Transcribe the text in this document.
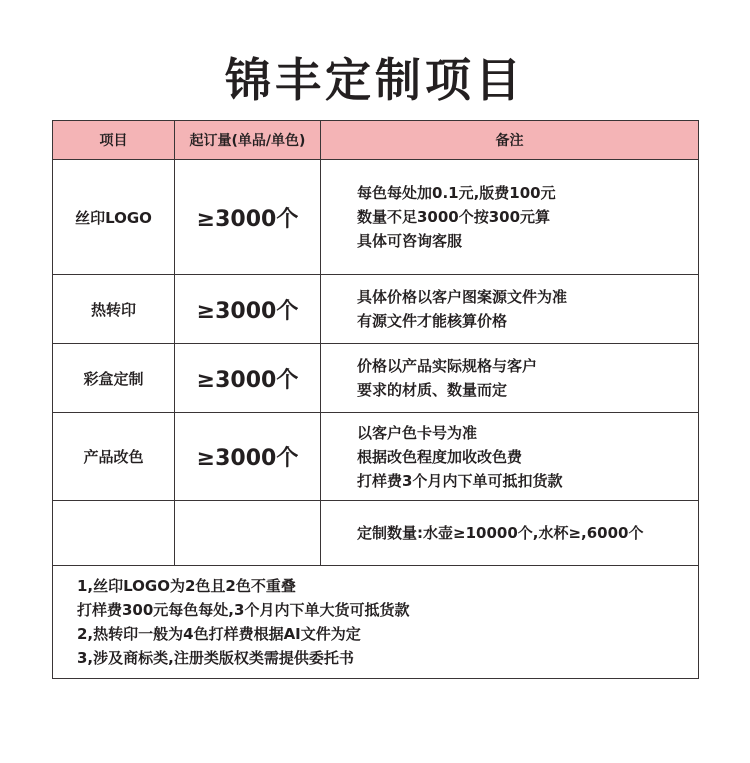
锦丰定制项目
项目	起订量(单品/单色)	备注
丝印LOGO	≥3000个	每色每处加0.1元,版费100元
数量不足3000个按300元算
具体可咨询客服

热转印	≥3000个	具体价格以客户图案源文件为准
有源文件才能核算价格

彩盒定制	≥3000个	价格以产品实际规格与客户
要求的材质、数量而定

产品改色	≥3000个	以客户色卡号为准
根据改色程度加收改色费
打样费3个月内下单可抵扣货款

		定制数量:水壶≥10000个,水杯≥,6000个

1,丝印LOGO为2色且2色不重叠
打样费300元每色每处,3个月内下单大货可抵货款
2,热转印一般为4色打样费根据AI文件为定
3,涉及商标类,注册类版权类需提供委托书		
